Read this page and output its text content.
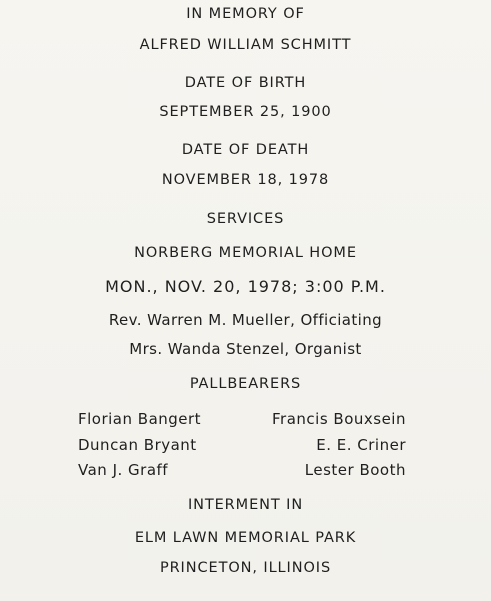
IN MEMORY OF
ALFRED WILLIAM SCHMITT
DATE OF BIRTH
SEPTEMBER 25, 1900
DATE OF DEATH
NOVEMBER 18, 1978
SERVICES
NORBERG MEMORIAL HOME
MON., NOV. 20, 1978; 3:00 P.M.
Rev. Warren M. Mueller, Officiating
Mrs. Wanda Stenzel, Organist
PALLBEARERS
Florian Bangert
Duncan Bryant
Van J. Graff
Francis Bouxsein
E. E. Criner
Lester Booth
INTERMENT IN
ELM LAWN MEMORIAL PARK
PRINCETON, ILLINOIS
